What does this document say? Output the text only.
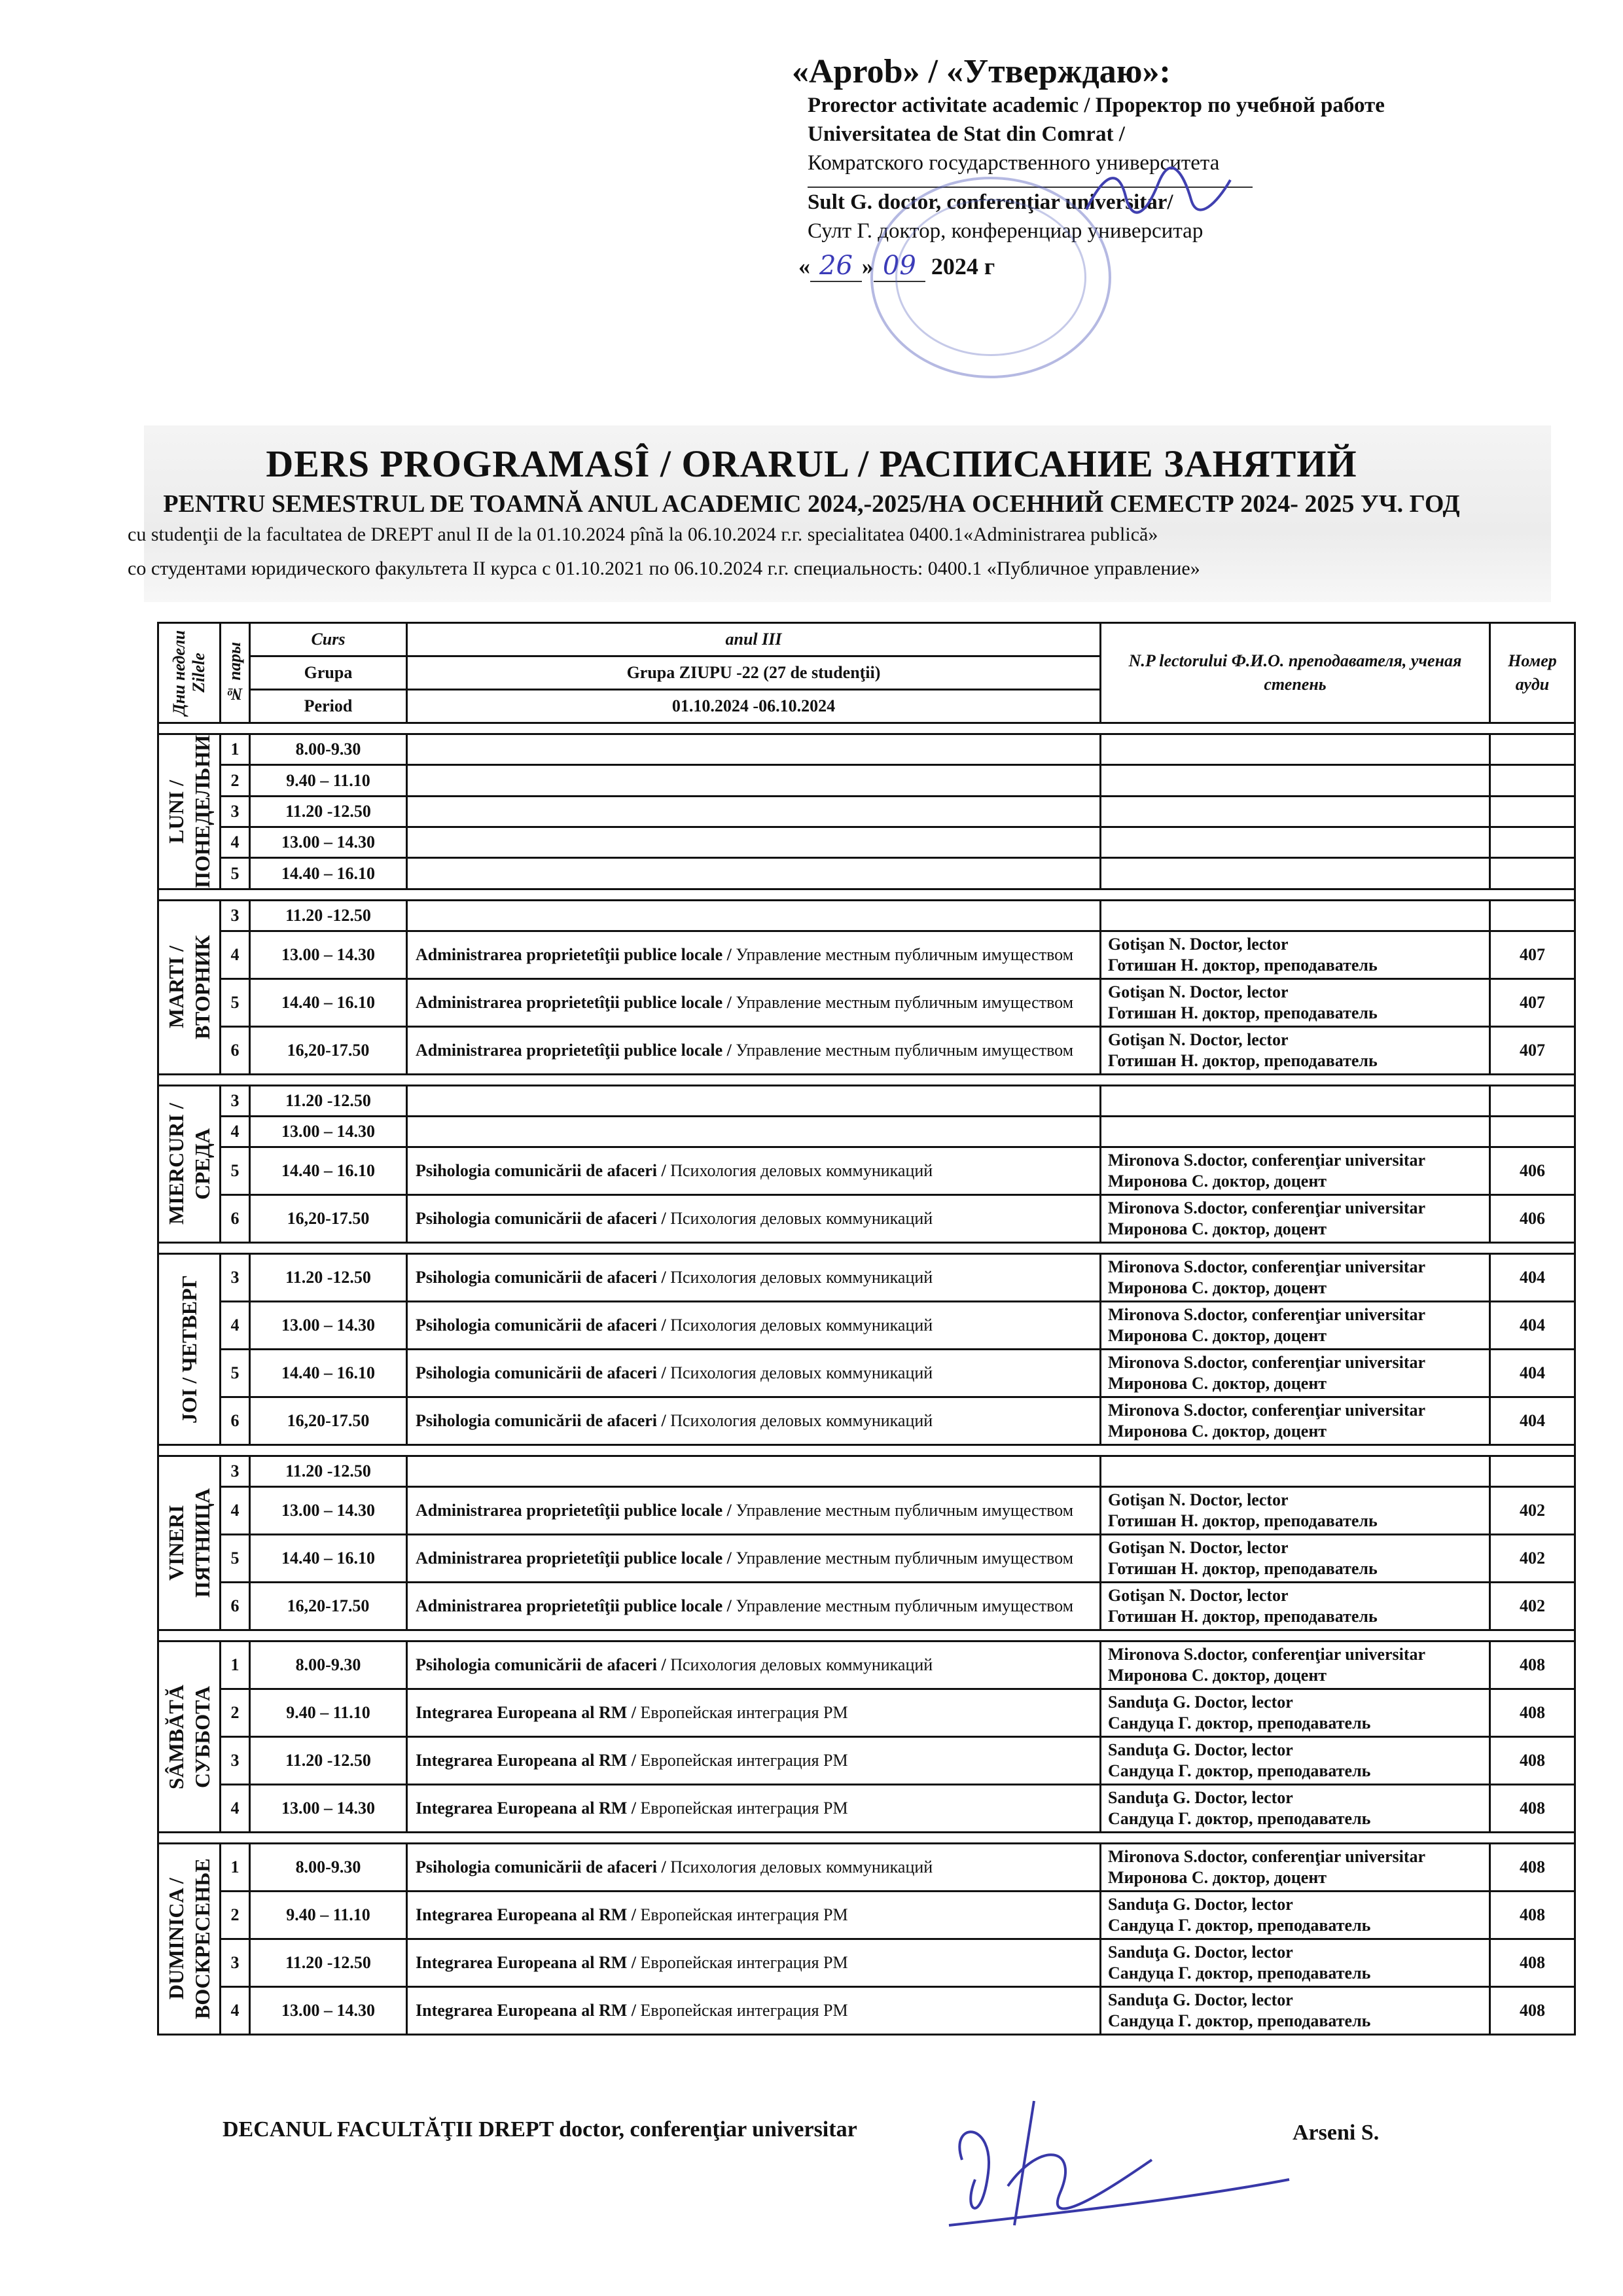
«Aprob» / «Утверждаю»:
Prorector activitate academic / Проректор по учебной работе
Universitatea de Stat din Comrat /
Комратского государственного университета
Sult G. doctor, conferenţiar universitar/
Султ Г. доктор, конференциар университар
« 26 » 09 2024 г
DERS PROGRAMASÎ / ORARUL / РАСПИСАНИЕ ЗАНЯТИЙ
PENTRU SEMESTRUL DE TOAMNĂ ANUL ACADEMIC 2024,-2025/НА ОСЕННИЙ СЕМЕСТР 2024- 2025 УЧ. ГОД
cu studenţii de la facultatea de DREPT anul II de la 01.10.2024 pînă la 06.10.2024 г.г. specialitatea 0400.1«Administrarea publică»
со студентами юридического факультета II курса с 01.10.2021 по 06.10.2024 г.г. специальность: 0400.1 «Публичное управление»
Дни недели Zilele	№ пары	Curs	anul III	N.P lectorului Ф.И.О. преподавателя, ученая степень	Номер ауди
		Grupa	Grupa ZIUPU -22 (27 de studenţii)		
		Period	01.10.2024 -06.10.2024		

LUNI / ПОНЕДЕЛЬНИ	1	8.00-9.30			
	2	9.40 – 11.10			
	3	11.20 -12.50			
	4	13.00 – 14.30			
	5	14.40 – 16.10			

MARTI / ВТОРНИК	3	11.20 -12.50			
	4	13.00 – 14.30	Administrarea proprietetîţii publice locale / Управление местным публичным имуществом	Gotişan N. Doctor, lector
Готишан Н. доктор, преподаватель	407
	5	14.40 – 16.10	Administrarea proprietetîţii publice locale / Управление местным публичным имуществом	Gotişan N. Doctor, lector
Готишан Н. доктор, преподаватель	407
	6	16,20-17.50	Administrarea proprietetîţii publice locale / Управление местным публичным имуществом	Gotişan N. Doctor, lector
Готишан Н. доктор, преподаватель	407

MIERCURI / СРЕДА	3	11.20 -12.50			
	4	13.00 – 14.30			
	5	14.40 – 16.10	Psihologia comunicării de afaceri / Психология деловых коммуникаций	Mironova S.doctor, conferenţiar universitar
Миронова С. доктор, доцент	406
	6	16,20-17.50	Psihologia comunicării de afaceri / Психология деловых коммуникаций	Mironova S.doctor, conferenţiar universitar
Миронова С. доктор, доцент	406

JOI / ЧЕТВЕРГ	3	11.20 -12.50	Psihologia comunicării de afaceri / Психология деловых коммуникаций	Mironova S.doctor, conferenţiar universitar
Миронова С. доктор, доцент	404
	4	13.00 – 14.30	Psihologia comunicării de afaceri / Психология деловых коммуникаций	Mironova S.doctor, conferenţiar universitar
Миронова С. доктор, доцент	404
	5	14.40 – 16.10	Psihologia comunicării de afaceri / Психология деловых коммуникаций	Mironova S.doctor, conferenţiar universitar
Миронова С. доктор, доцент	404
	6	16,20-17.50	Psihologia comunicării de afaceri / Психология деловых коммуникаций	Mironova S.doctor, conferenţiar universitar
Миронова С. доктор, доцент	404

VINERI ПЯТНИЦА	3	11.20 -12.50			
	4	13.00 – 14.30	Administrarea proprietetîţii publice locale / Управление местным публичным имуществом	Gotişan N. Doctor, lector
Готишан Н. доктор, преподаватель	402
	5	14.40 – 16.10	Administrarea proprietetîţii publice locale / Управление местным публичным имуществом	Gotişan N. Doctor, lector
Готишан Н. доктор, преподаватель	402
	6	16,20-17.50	Administrarea proprietetîţii publice locale / Управление местным публичным имуществом	Gotişan N. Doctor, lector
Готишан Н. доктор, преподаватель	402

SÂMBĂTĂ СУББОТА	1	8.00-9.30	Psihologia comunicării de afaceri / Психология деловых коммуникаций	Mironova S.doctor, conferenţiar universitar
Миронова С. доктор, доцент	408
	2	9.40 – 11.10	Integrarea Europeana al RM / Европейская интеграция РМ	Sanduţa G. Doctor, lector
Сандуца Г. доктор, преподаватель	408
	3	11.20 -12.50	Integrarea Europeana al RM / Европейская интеграция РМ	Sanduţa G. Doctor, lector
Сандуца Г. доктор, преподаватель	408
	4	13.00 – 14.30	Integrarea Europeana al RM / Европейская интеграция РМ	Sanduţa G. Doctor, lector
Сандуца Г. доктор, преподаватель	408

DUMINICA / ВОСКРЕСЕНЬЕ	1	8.00-9.30	Psihologia comunicării de afaceri / Психология деловых коммуникаций	Mironova S.doctor, conferenţiar universitar
Миронова С. доктор, доцент	408
	2	9.40 – 11.10	Integrarea Europeana al RM / Европейская интеграция РМ	Sanduţa G. Doctor, lector
Сандуца Г. доктор, преподаватель	408
	3	11.20 -12.50	Integrarea Europeana al RM / Европейская интеграция РМ	Sanduţa G. Doctor, lector
Сандуца Г. доктор, преподаватель	408
	4	13.00 – 14.30	Integrarea Europeana al RM / Европейская интеграция РМ	Sanduţa G. Doctor, lector
Сандуца Г. доктор, преподаватель	408
DECANUL FACULTĂŢII DREPT doctor, conferenţiar universitar	Arseni S.
